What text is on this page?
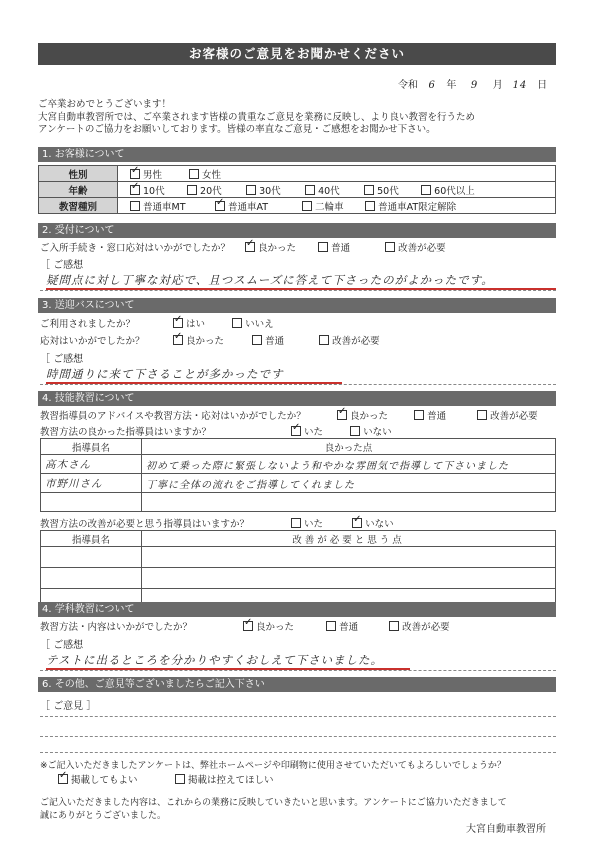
お客様のご意見をお聞かせください
令和 6 年 9 月 14 日
ご卒業おめでとうございます！
大宮自動車教習所では、ご卒業されます皆様の貴重なご意見を業務に反映し、より良い教習を行うため
アンケートのご協力をお願いしております。皆様の率直なご意見・ご感想をお聞かせ下さい。
1. お客様について
性別	✓男性 女性
年齢	✓10代 20代 30代 40代 50代 60代以上
教習種別	普通車MT ✓ 普通車AT 二輪車 普通車AT限定解除
2. 受付について
ご入所手続き・窓口応対はいかがでしたか？ ✓	良かった	普通	改善が必要
［ ご感想
疑問点に対し丁寧な対応で、且つスムーズに答えて下さったのがよかったです。
3. 送迎バスについて
ご利用されましたか？ ✓	はい	いいえ
応対はいかがでしたか？ ✓	良かった	普通	改善が必要
［ ご感想
時間通りに来て下さることが多かったです
4. 技能教習について
教習指導員のアドバイスや教習方法・応対はいかがでしたか？ ✓	良かった	普通	改善が必要
教習方法の良かった指導員はいますか？ ✓	いた	いない
指導員名	良かった点
高木さん	初めて乗った際に緊張しないよう和やかな雰囲気で指導して下さいました
市野川さん	丁寧に全体の流れをご指導してくれました

教習方法の改善が必要と思う指導員はいますか？	いた ✓	いない
指導員名	改善が必要と思う点

4. 学科教習について
教習方法・内容はいかがでしたか？ ✓	良かった	普通	改善が必要
［ ご感想
テストに出るところを分かりやすくおしえて下さいました。
6. その他、ご意見等ございましたらご記入下さい
［ ご意見 ］
※ご記入いただきましたアンケートは、弊社ホームページや印刷物に使用させていただいてもよろしいでしょうか？
✓掲載してもよい	掲載は控えてほしい
ご記入いただきました内容は、これからの業務に反映していきたいと思います。アンケートにご協力いただきまして
誠にありがとうございました。
大宮自動車教習所
